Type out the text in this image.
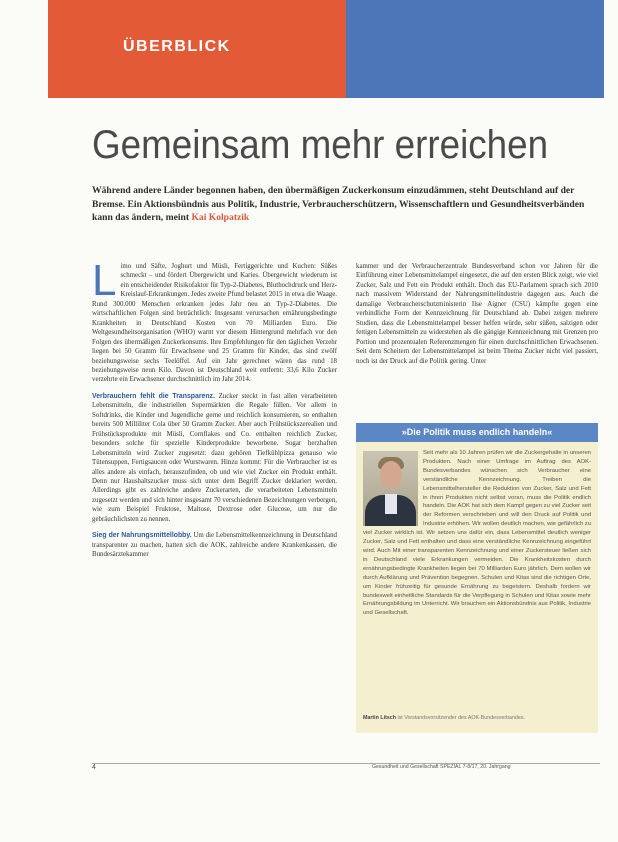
ÜBERBLICK
Gemeinsam mehr erreichen
Während andere Länder begonnen haben, den übermäßigen Zuckerkonsum einzudämmen, steht Deutschland auf der Bremse. Ein Aktionsbündnis aus Politik, Industrie, Verbraucherschützern, Wissenschaftlern und Gesundheitsverbänden kann das ändern, meint Kai Kolpatzik

Limo und Säfte, Joghurt und Müsli, Fertiggerichte und Kuchen: Süßes schmeckt – und fördert Übergewicht und Karies. Übergewicht wiederum ist ein entscheidender Risikofaktor für Typ-2-Diabetes, Bluthochdruck und Herz-Kreislauf-Erkrankungen. Jedes zweite Pfund belastet 2015 in etwa die Waage. Rund 300.000 Menschen erkranken jedes Jahr neu an Typ-2-Diabetes. Die wirtschaftlichen Folgen sind beträchtlich: Insgesamt verursachen ernährungsbedingte Krankheiten in Deutschland Kosten von 70 Milliarden Euro. Die Weltgesundheitsorganisation (WHO) warnt vor diesem Hintergrund mehrfach vor den Folgen des übermäßigen Zuckerkonsums. Ihre Empfehlungen für den täglichen Verzehr liegen bei 50 Gramm für Erwachsene und 25 Gramm für Kinder, das sind zwölf beziehungsweise sechs Teelöffel. Auf ein Jahr gerechnet wären das rund 18 beziehungsweise neun Kilo. Davon ist Deutschland weit entfernt: 33,6 Kilo Zucker verzehrte ein Erwachsener durchschnittlich im Jahr 2014.

Verbrauchern fehlt die Transparenz. Zucker steckt in fast allen verarbeiteten Lebensmitteln, die industriellen Supermärkten die Regale füllen. Vor allem in Softdrinks, die Kinder und Jugendliche gerne und reichlich konsumieren, so enthalten bereits 500 Milliliter Cola über 50 Gramm Zucker. Aber auch Frühstückszerealien und Frühstücksprodukte mit Müsli, Cornflakes und Co. enthalten reichlich Zucker, besonders solche für spezielle Kinderprodukte beworbene. Sogar herzhaften Lebensmitteln wird Zucker zugesetzt: dazu gehören Tiefkühlpizza genauso wie Tütensuppen, Fertigsaucen oder Wurstwaren. Hinzu kommt: Für die Verbraucher ist es alles andere als einfach, herauszufinden, ob und wie viel Zucker ein Produkt enthält. Denn nur Haushaltszucker muss sich unter dem Begriff Zucker deklariert werden. Allerdings gibt es zahlreiche andere Zuckerarten, die verarbeiteten Lebensmitteln zugesetzt werden und sich hinter insgesamt 70 verschiedenen Bezeichnungen verbergen, wie zum Beispiel Fruktose, Maltose, Dextrose oder Glucose, um nur die gebräuchlichsten zu nennen.

Sieg der Nahrungsmittellobby. Um die Lebensmittelkennzeichnung in Deutschland transparenter zu machen, hatten sich die AOK, zahlreiche andere Krankenkassen, die Bundesärztekammer

kammer und der Verbraucherzentrale Bundesverband schon vor Jahren für die Einführung einer Lebensmittelampel eingesetzt, die auf den ersten Blick zeigt, wie viel Zucker, Salz und Fett ein Produkt enthält. Doch das EU-Parlament sprach sich 2010 nach massivem Widerstand der Nahrungsmittelindustrie dagegen aus. Auch die damalige Verbraucherschutzministerin Ilse Aigner (CSU) kämpfte gegen eine verbindliche Form der Kennzeichnung für Deutschland ab. Dabei zeigen mehrere Studien, dass die Lebensmittelampel besser helfen würde, sehr süßen, salzigen oder fettigen Lebensmitteln zu widerstehen als die gängige Kennzeichnung mit Grenzen pro Portion und prozentualen Referenzmengen für einen durchschnittlichen Erwachsenen. Seit dem Scheitern der Lebensmittelampel ist beim Thema Zucker nicht viel passiert, noch ist der Druck auf die Politik gering. Unter

»Die Politik muss endlich handeln«
Seit mehr als 10 Jahren prüfen wir die Zuckergehalte in unseren Produkten. Nach einer Umfrage im Auftrag des AOK-Bundesverbandes wünschen sich Verbraucher eine verständliche Kennzeichnung. Treiben die Lebensmittelhersteller die Reduktion von Zucker, Salz und Fett in ihren Produkten nicht selbst voran, muss die Politik endlich handeln. Die AOK hat sich dem Kampf gegen zu viel Zucker seit der Reformen verschrieben und will den Druck auf Politik und Industrie erhöhen. Wir wollen deutlich machen, wie gefährlich zu viel Zucker wirklich ist. Wir setzen uns dafür ein, dass Lebensmittel deutlich weniger Zucker, Salz und Fett enthalten und dass eine verständliche Kennzeichnung eingeführt wird. Auch Mit einer transparenten Kennzeichnung und einer Zuckersteuer ließen sich in Deutschland viele Erkrankungen vermeiden. Die Krankheitskosten durch ernährungsbedingte Krankheiten liegen bei 70 Milliarden Euro jährlich. Dem wollen wir durch Aufklärung und Prävention begegnen. Schulen und Kitas sind die richtigen Orte, um Kinder frühzeitig für gesunde Ernährung zu begeistern. Deshalb fordern wir bundesweit einheitliche Standards für die Verpflegung in Schulen und Kitas sowie mehr Ernährungsbildung im Unterricht. Wir brauchen ein Aktionsbündnis aus Politik, Industrie und Gesellschaft.
Martin Litsch ist Vorstandsvorsitzender des AOK-Bundesverbandes.
4	Gesundheit und Gesellschaft SPEZIAL 7-8/17, 20. Jahrgang
